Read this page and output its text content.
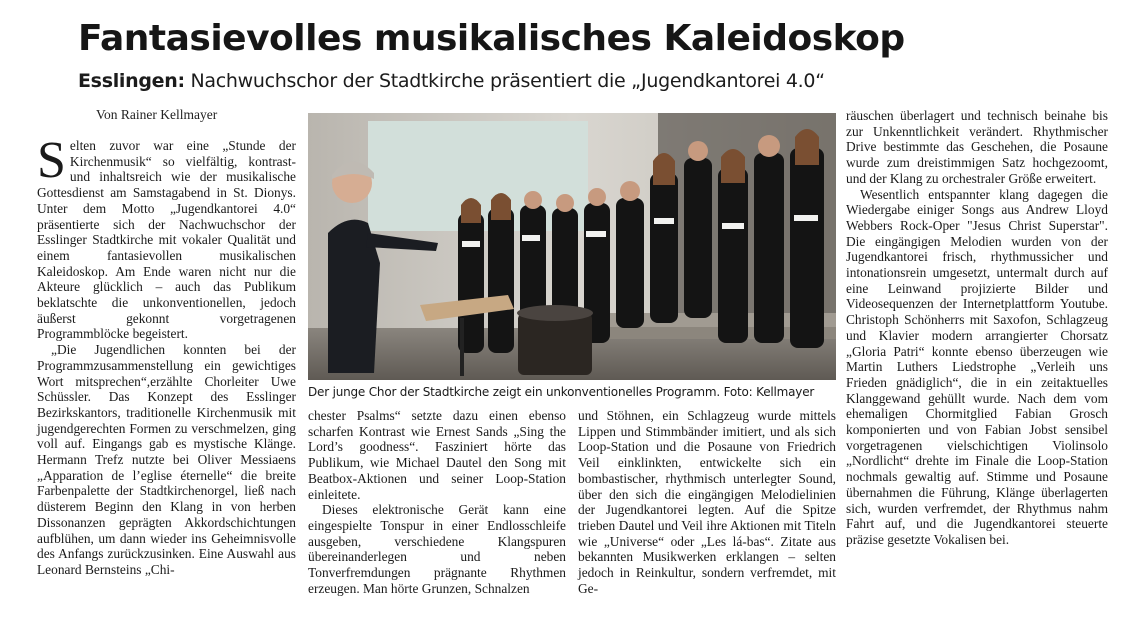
Fantasievolles musikalisches Kaleidoskop
Esslingen: Nachwuchschor der Stadtkirche präsentiert die „Jugendkantorei 4.0“
Von Rainer Kellmayer

Selten zuvor war eine „Stunde der Kirchenmusik“ so vielfältig, kontrast- und inhaltsreich wie der musikalische Gottesdienst am Samstagabend in St. Dionys. Unter dem Motto „Jugendkantorei 4.0“ präsentierte sich der Nachwuchschor der Esslinger Stadtkirche mit vokaler Qualität und einem fantasievollen musikalischen Kaleidoskop. Am Ende waren nicht nur die Akteure glücklich – auch das Publikum beklatschte die unkonventionellen, jedoch äußerst gekonnt vorgetragenen Programmblöcke begeistert.

„Die Jugendlichen konnten bei der Programmzusammenstellung ein gewichtiges Wort mitsprechen“,erzählte Chorleiter Uwe Schüssler. Das Konzept des Esslinger Bezirkskantors, traditionelle Kirchenmusik mit jugendgerechten Formen zu verschmelzen, ging voll auf. Eingangs gab es mystische Klänge. Hermann Trefz nutzte bei Oliver Messiaens „Apparation de l’eglise éternelle“ die breite Farbenpalette der Stadtkirchenorgel, ließ nach düsterem Beginn den Klang in von herben Dissonanzen geprägten Akkordschichtungen aufblühen, um dann wieder ins Geheimnisvolle des Anfangs zurückzusinken. Eine Auswahl aus Leonard Bernsteins „Chi-

Der junge Chor der Stadtkirche zeigt ein unkonventionelles Programm. Foto: Kellmayer

chester Psalms“ setzte dazu einen ebenso scharfen Kontrast wie Ernest Sands „Sing the Lord’s goodness“. Fasziniert hörte das Publikum, wie Michael Dautel den Song mit Beatbox-Aktionen und seiner Loop-Station einleitete.

Dieses elektronische Gerät kann eine eingespielte Tonspur in einer Endlosschleife ausgeben, verschiedene Klangspuren übereinanderlegen und neben Tonverfremdungen prägnante Rhythmen erzeugen. Man hörte Grunzen, Schnalzen

und Stöhnen, ein Schlagzeug wurde mittels Lippen und Stimmbänder imitiert, und als sich Loop-Station und die Posaune von Friedrich Veil einklinkten, entwickelte sich ein bombastischer, rhythmisch unterlegter Sound, über den sich die eingängigen Melodielinien der Jugendkantorei legten. Auf die Spitze trieben Dautel und Veil ihre Aktionen mit Titeln wie „Universe“ oder „Les lá-bas“. Zitate aus bekannten Musikwerken erklangen – selten jedoch in Reinkultur, sondern verfremdet, mit Ge-

räuschen überlagert und technisch beinahe bis zur Unkenntlichkeit verändert. Rhythmischer Drive bestimmte das Geschehen, die Posaune wurde zum dreistimmigen Satz hochgezoomt, und der Klang zu orchestraler Größe erweitert.

Wesentlich entspannter klang dagegen die Wiedergabe einiger Songs aus Andrew Lloyd Webbers Rock-Oper "Jesus Christ Superstar". Die eingängigen Melodien wurden von der Jugendkantorei frisch, rhythmussicher und intonationsrein umgesetzt, untermalt durch auf eine Leinwand projizierte Bilder und Videosequenzen der Internetplattform Youtube. Christoph Schönherrs mit Saxofon, Schlagzeug und Klavier modern arrangierter Chorsatz „Gloria Patri“ konnte ebenso überzeugen wie Martin Luthers Liedstrophe „Verleih uns Frieden gnädiglich“, die in ein zeitaktuelles Klanggewand gehüllt wurde. Nach dem vom ehemaligen Chormitglied Fabian Grosch komponierten und von Fabian Jobst sensibel vorgetragenen vielschichtigen Violinsolo „Nordlicht“ drehte im Finale die Loop-Station nochmals gewaltig auf. Stimme und Posaune übernahmen die Führung, Klänge überlagerten sich, wurden verfremdet, der Rhythmus nahm Fahrt auf, und die Jugendkantorei steuerte präzise gesetzte Vokalisen bei.
